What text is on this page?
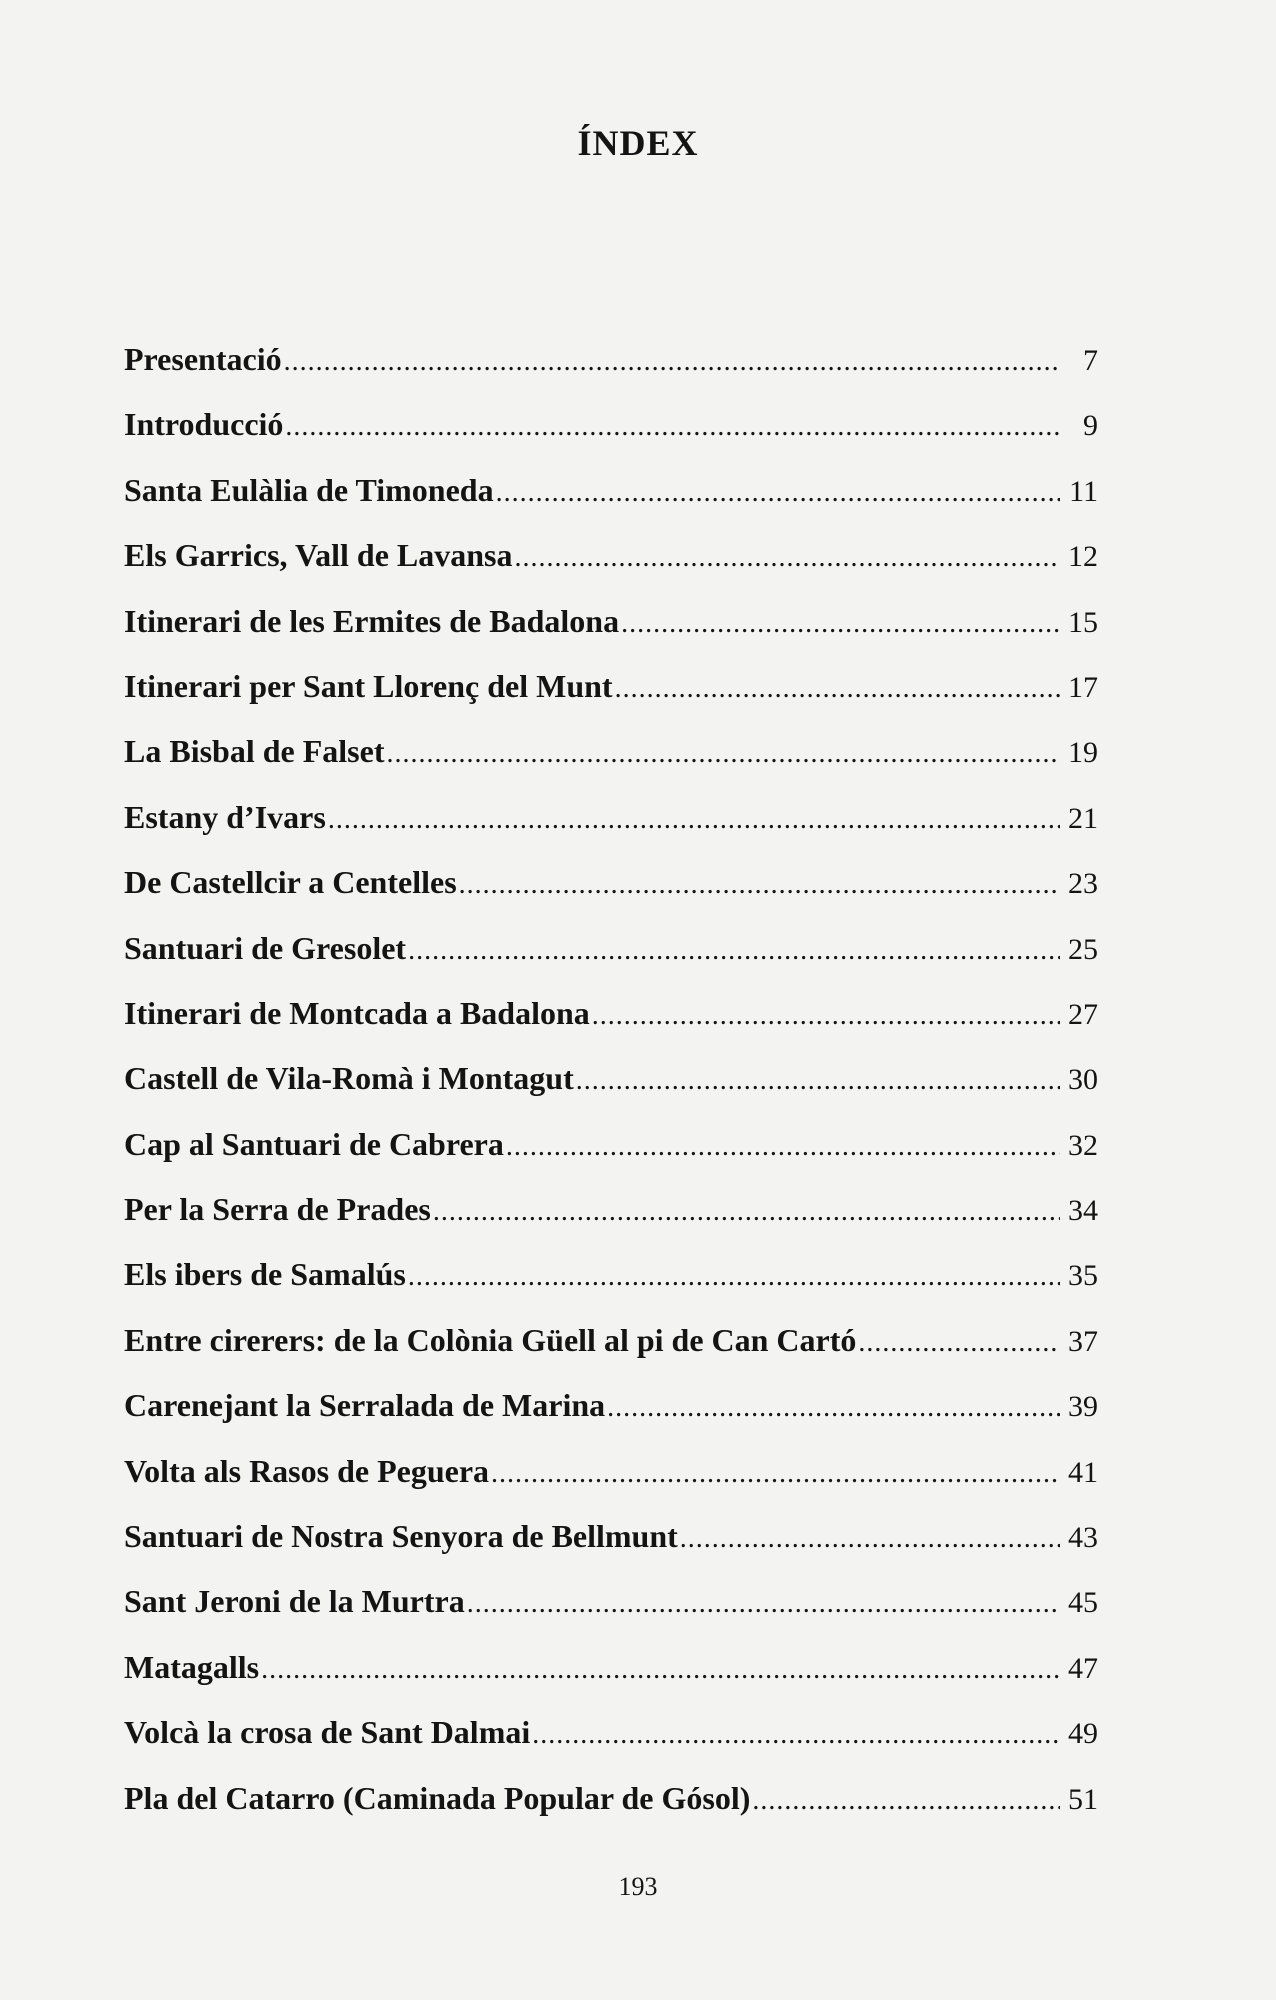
ÍNDEX
Presentació .....	7
Introducció .....	9
Santa Eulàlia de Timoneda .....	11
Els Garrics, Vall de Lavansa .....	12
Itinerari de les Ermites de Badalona .....	15
Itinerari per Sant Llorenç del Munt .....	17
La Bisbal de Falset .....	19
Estany d’Ivars .....	21
De Castellcir a Centelles .....	23
Santuari de Gresolet .....	25
Itinerari de Montcada a Badalona .....	27
Castell de Vila-Romà i Montagut .....	30
Cap al Santuari de Cabrera .....	32
Per la Serra de Prades .....	34
Els ibers de Samalús .....	35
Entre cirerers: de la Colònia Güell al pi de Can Cartó .....	37
Carenejant la Serralada de Marina .....	39
Volta als Rasos de Peguera .....	41
Santuari de Nostra Senyora de Bellmunt .....	43
Sant Jeroni de la Murtra .....	45
Matagalls .....	47
Volcà la crosa de Sant Dalmai .....	49
Pla del Catarro (Caminada Popular de Gósol) .....	51

193
